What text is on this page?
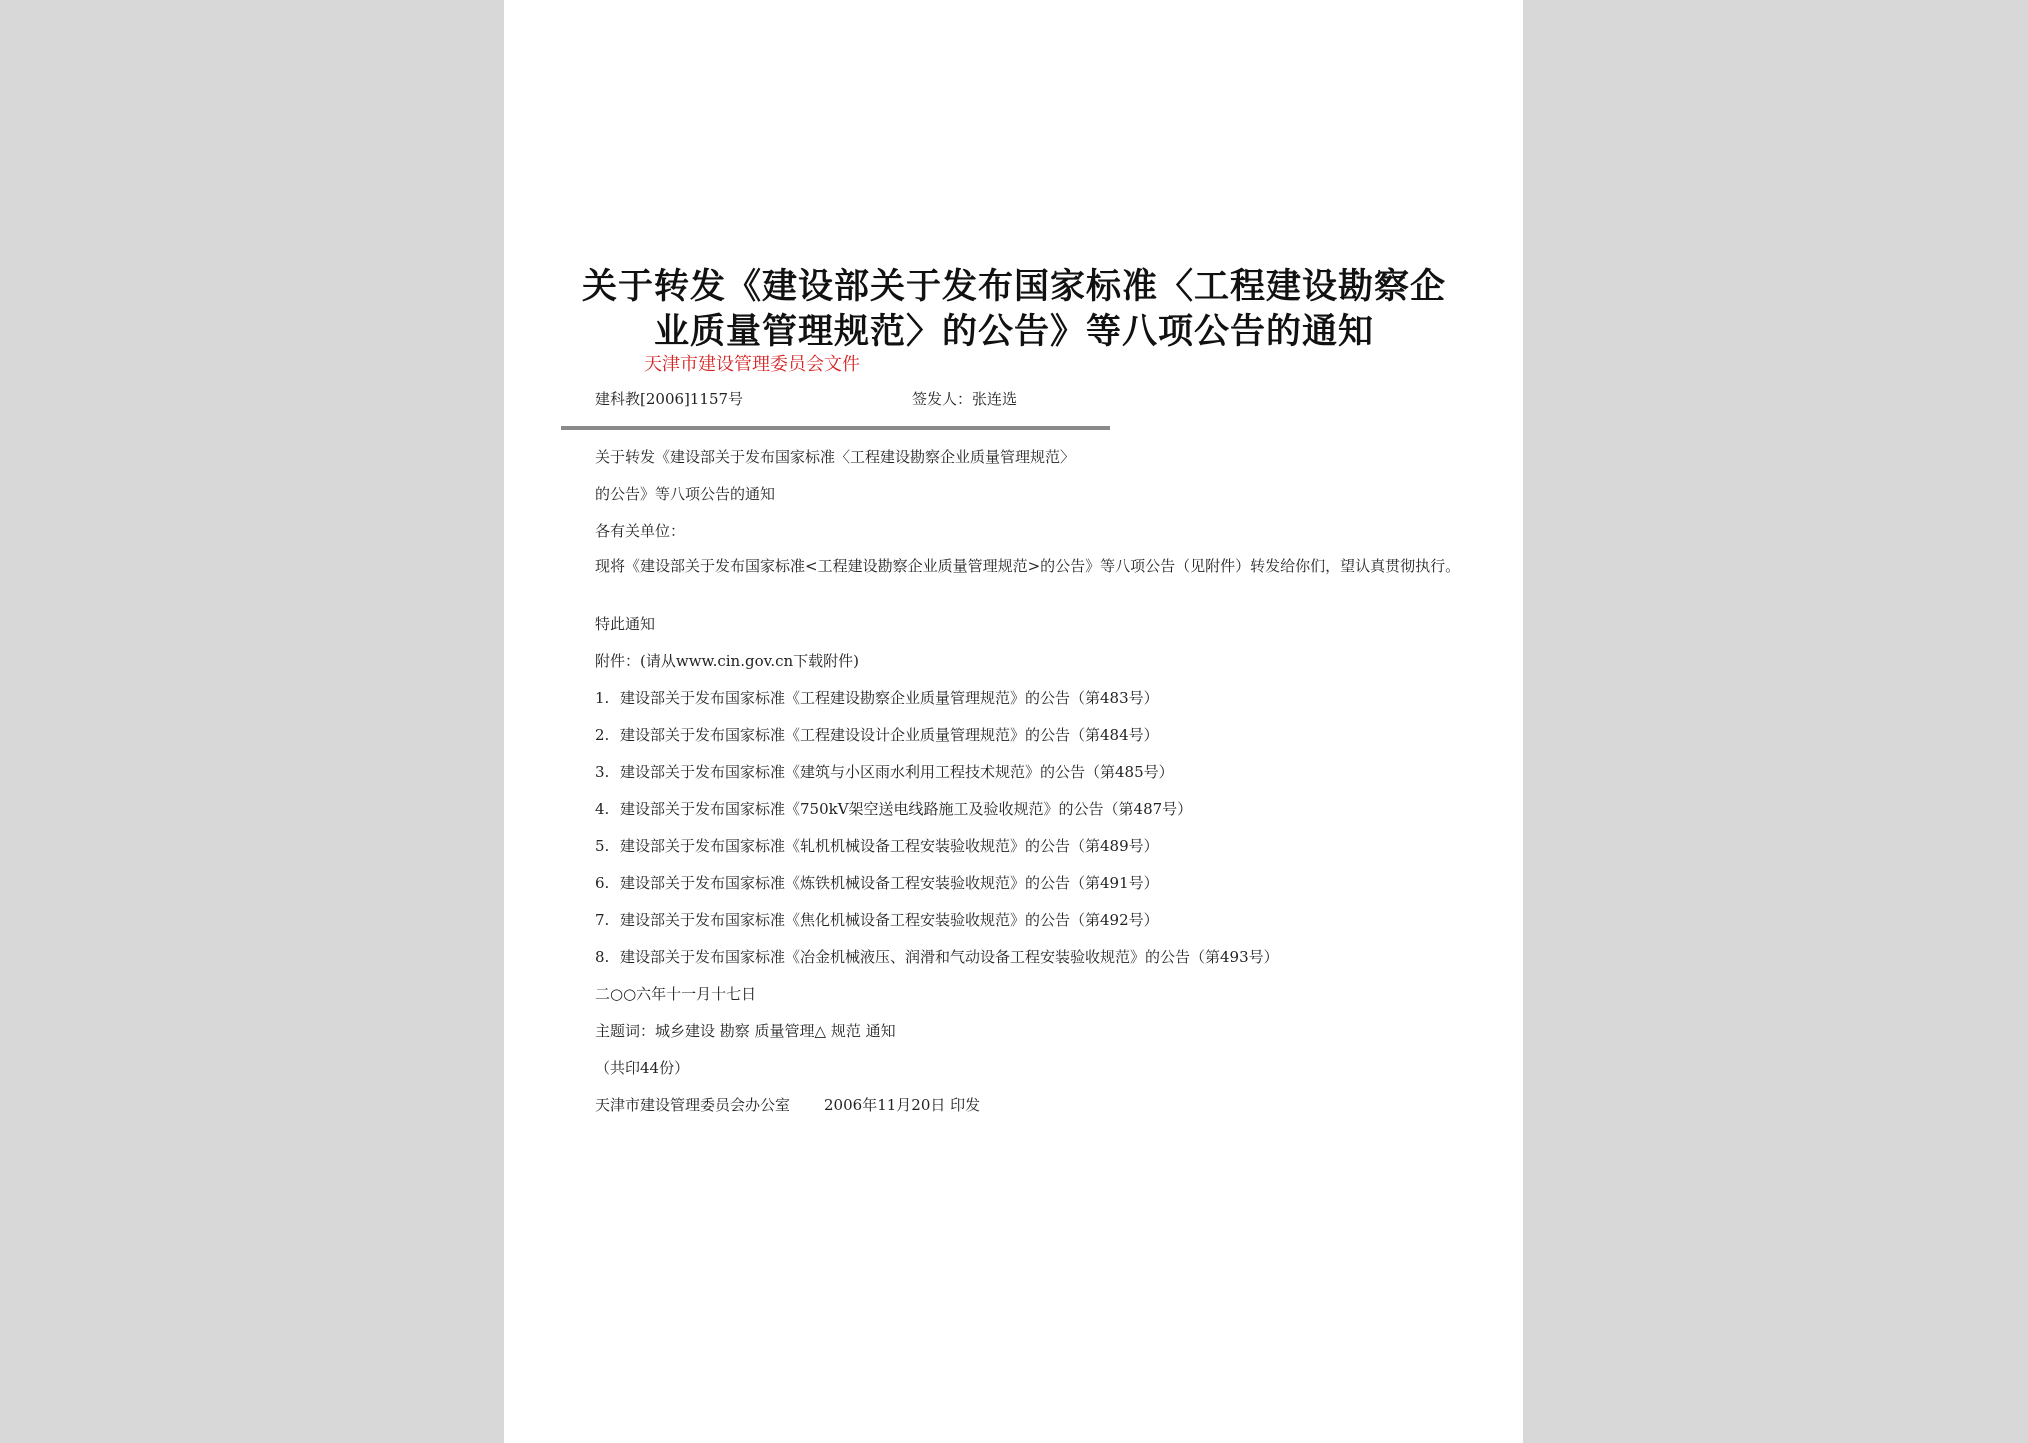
关于转发《建设部关于发布国家标准〈工程建设勘察企
业质量管理规范〉的公告》等八项公告的通知
天津市建设管理委员会文件
建科教[2006]1157号	签发人：张连选
关于转发《建设部关于发布国家标准〈工程建设勘察企业质量管理规范〉
的公告》等八项公告的通知
各有关单位：
现将《建设部关于发布国家标准<工程建设勘察企业质量管理规范>的公告》等八项公告（见附件）转发给你们，望认真贯彻执行。
特此通知
附件：(请从www.cin.gov.cn下载附件)
1. 建设部关于发布国家标准《工程建设勘察企业质量管理规范》的公告（第483号）
2. 建设部关于发布国家标准《工程建设设计企业质量管理规范》的公告（第484号）
3. 建设部关于发布国家标准《建筑与小区雨水利用工程技术规范》的公告（第485号）
4. 建设部关于发布国家标准《750kV架空送电线路施工及验收规范》的公告（第487号）
5. 建设部关于发布国家标准《轧机机械设备工程安装验收规范》的公告（第489号）
6. 建设部关于发布国家标准《炼铁机械设备工程安装验收规范》的公告（第491号）
7. 建设部关于发布国家标准《焦化机械设备工程安装验收规范》的公告（第492号）
8. 建设部关于发布国家标准《冶金机械液压、润滑和气动设备工程安装验收规范》的公告（第493号）
二○○六年十一月十七日
主题词：城乡建设 勘察 质量管理△ 规范 通知
（共印44份）
天津市建设管理委员会办公室 2006年11月20日 印发
